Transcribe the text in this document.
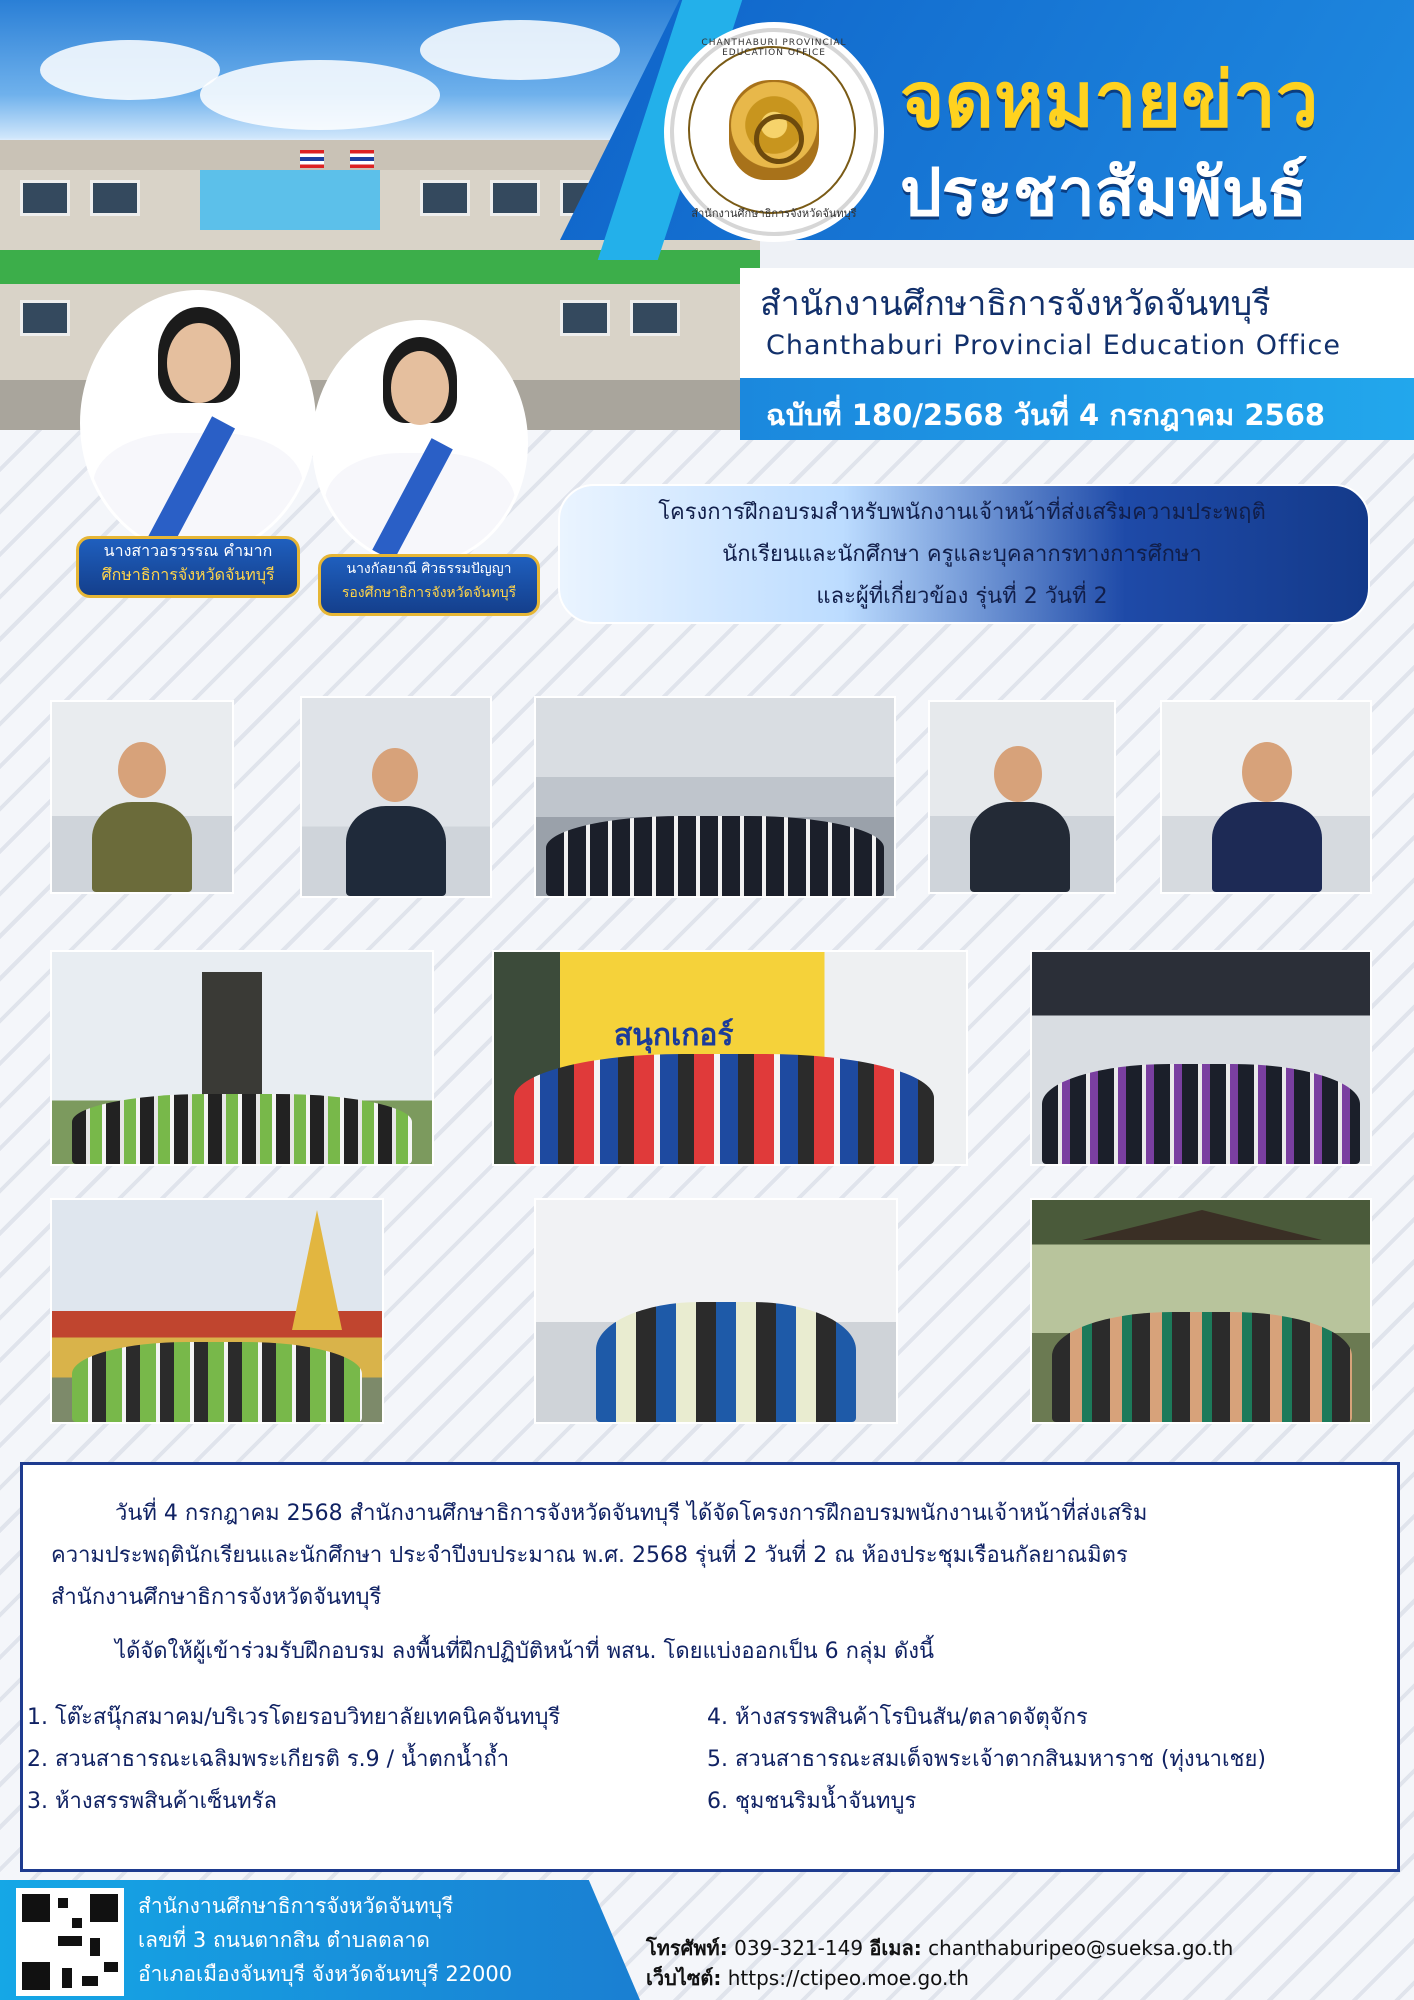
CHANTHABURI PROVINCIAL EDUCATION OFFICE
สำนักงานศึกษาธิการจังหวัดจันทบุรี
จดหมายข่าว
ประชาสัมพันธ์
สำนักงานศึกษาธิการจังหวัดจันทบุรี
Chanthaburi Provincial Education Office
ฉบับที่ 180/2568 วันที่ 4 กรกฎาคม 2568
นางสาวอรวรรณ คำมาก
ศึกษาธิการจังหวัดจันทบุรี	นางกัลยาณี ศิวธรรมปัญญา
รองศึกษาธิการจังหวัดจันทบุรี
โครงการฝึกอบรมสำหรับพนักงานเจ้าหน้าที่ส่งเสริมความประพฤติ
นักเรียนและนักศึกษา ครูและบุคลากรทางการศึกษา
และผู้ที่เกี่ยวข้อง รุ่นที่ 2 วันที่ 2
สนุกเกอร์
วันที่ 4 กรกฎาคม 2568 สำนักงานศึกษาธิการจังหวัดจันทบุรี ได้จัดโครงการฝึกอบรมพนักงานเจ้าหน้าที่ส่งเสริม
ความประพฤตินักเรียนและนักศึกษา ประจำปีงบประมาณ พ.ศ. 2568 รุ่นที่ 2 วันที่ 2 ณ ห้องประชุมเรือนกัลยาณมิตร
สำนักงานศึกษาธิการจังหวัดจันทบุรี
ได้จัดให้ผู้เข้าร่วมรับฝึกอบรม ลงพื้นที่ฝึกปฏิบัติหน้าที่ พสน. โดยแบ่งออกเป็น 6 กลุ่ม ดังนี้
1. โต๊ะสนุ๊กสมาคม/บริเวรโดยรอบวิทยาลัยเทคนิคจันทบุรี
2. สวนสาธารณะเฉลิมพระเกียรติ ร.9 / น้ำตกน้ำถ้ำ
3. ห้างสรรพสินค้าเซ็นทรัล
4. ห้างสรรพสินค้าโรบินสัน/ตลาดจัตุจักร
5. สวนสาธารณะสมเด็จพระเจ้าตากสินมหาราช (ทุ่งนาเชย)
6. ชุมชนริมน้ำจันทบูร
สำนักงานศึกษาธิการจังหวัดจันทบุรี
เลขที่ 3 ถนนตากสิน ตำบลตลาด
อำเภอเมืองจันทบุรี จังหวัดจันทบุรี 22000
โทรศัพท์: 039-321-149 อีเมล: chanthaburipeo@sueksa.go.th
เว็บไซต์: https://ctipeo.moe.go.th
